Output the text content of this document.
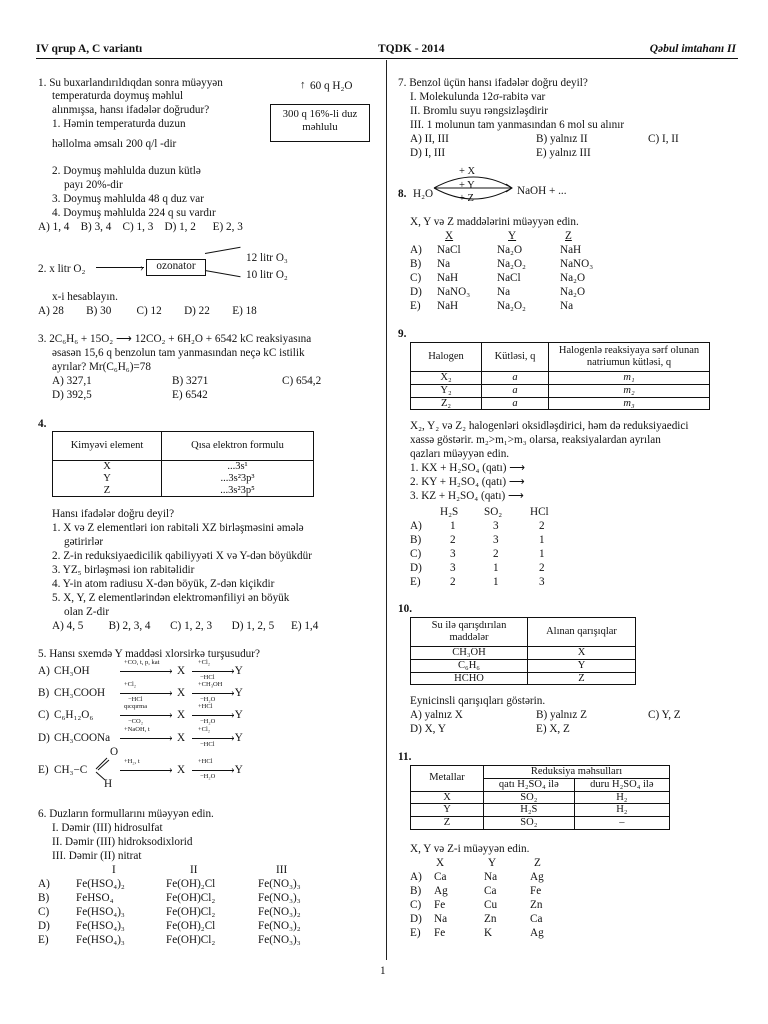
IV qrup A, C variantı	TQDK - 2014	Qəbul imtahanı II
1. Su buxarlandırıldıqdan sonra müəyyən
temperaturda doymuş məhlul
alınmışsa, hansı ifadələr doğrudur?
1. Həmin temperaturda duzun
həllolma əmsalı 200 q/l -dir
2. Doymuş məhlulda duzun kütlə
payı 20%-dir
3. Doymuş məhlulda 48 q duz var
4. Doymuş məhlulda 224 q su vardır
↑ 60 q H₂O
300 q 16%-li duz məhlulu
A) 1, 4 B) 3, 4 C) 1, 3 D) 1, 2 E) 2, 3
2. x litr O₂	›	ozonator
12 litr O₃
10 litr O₂
x-i hesablayın.
A) 28 B) 30 C) 12 D) 22 E) 18
3. 2C₆H₆ + 15O₂ ⟶ 12CO₂ + 6H₂O + 6542 kC reaksiyasına
əsasən 15,6 q benzolun tam yanmasından neçə kC istilik
ayrılar? Mr(C₆H₆)=78
A) 327,1	B) 3271	C) 654,2
D) 392,5	E) 6542
4.
Kimyəvi element	Qısa elektron formulu
X	...3s¹
Y	...3s²3p³
Z	...3s²3p⁵
Hansı ifadələr doğru deyil?
1. X və Z elementləri ion rabitəli XZ birləşməsini əmələ
gətirirlər
2. Z-in reduksiyaedicilik qabiliyyəti X və Y-dən böyükdür
3. YZ₅ birləşməsi ion rabitəlidir
4. Y-in atom radiusu X-dən böyük, Z-dən kiçikdir
5. X, Y, Z elementlərindən elektromənfiliyi ən böyük
olan Z-dir
A) 4, 5 B) 2, 3, 4 C) 1, 2, 3 D) 1, 2, 5 E) 1,4
5. Hansı sxemdə Y maddəsi xlorsirkə turşusudur?
A) CH₃OH
+CO, t, p, kat
› X
+Cl₂
−HCl
›Y
B) CH₃COOH
+Cl₂
−HCl
› X
+CH₃OH
−H₂O
›Y
C) C₆H₁₂O₆
qıcqırma
−CO₂
› X
+HCl
−H₂O
›Y
D) CH₃COONa
+NaOH, t
› X
+Cl₂
−HCl
›Y
E) CH₃−C
+H₂, t
› X
+HCl
−H₂O
›Y
O
H
6. Duzların formullarını müəyyən edin.
I. Dəmir (III) hidrosulfat
II. Dəmir (III) hidroksodixlorid
III. Dəmir (II) nitrat
I	II	III
A) Fe(HSO₄)₂	Fe(OH)₂Cl	Fe(NO₃)₃
B) FeHSO₄	Fe(OH)Cl₂	Fe(NO₃)₃
C) Fe(HSO₄)₃	Fe(OH)Cl₂	Fe(NO₃)₂
D) Fe(HSO₄)₃	Fe(OH)₂Cl	Fe(NO₃)₂
E) Fe(HSO₄)₃	Fe(OH)Cl₂	Fe(NO₃)₃
7. Benzol üçün hansı ifadələr doğru deyil?
I. Molekulunda 12σ-rabitə var
II. Bromlu suyu rəngsizləşdirir
III. 1 molunun tam yanmasından 6 mol su alınır
A) II, III	B) yalnız II	C) I, II
D) I, III	E) yalnız III
8. H₂O
+ X
+ Y
+ Z
NaOH + ...
X, Y və Z maddələrini müəyyən edin.
X	Y	Z
A) NaCl	Na₂O	NaH
B) Na	Na₂O₂	NaNO₃
C) NaH	NaCl	Na₂O
D) NaNO₃ Na	Na₂O
E) NaH	Na₂O₂	Na
9.
Halogen	Kütləsi, q	Halogenlə reaksiyaya sərf olunan natriumun kütləsi, q
X₂	a	m₁
Y₂	a	m₂
Z₂	a	m₃
X₂, Y₂ və Z₂ halogenləri oksidləşdirici, həm də reduksiyaedici
xassə göstərir. m₂>m₁>m₃ olarsa, reaksiyalardan ayrılan
qazları müəyyən edin.
1. KX + H₂SO₄ (qatı) ⟶
2. KY + H₂SO₄ (qatı) ⟶
3. KZ + H₂SO₄ (qatı) ⟶
H₂S SO₂ HCl
A)	1	3	2
B)	2	3	1
C)	3	2	1
D)	3	1	2
E)	2	1	3
10.
Su ilə qarışdırılan maddələr	Alınan qarışıqlar
CH₃OH	X
C₆H₆	Y
HCHO	Z
Eynicinsli qarışıqları göstərin.
A) yalnız X	B) yalnız Z	C) Y, Z
D) X, Y	E) X, Z
11.
Metallar	Reduksiya məhsulları	
	qatı H₂SO₄ ilə	duru H₂SO₄ ilə
X	SO₂	H₂
Y	H₂S	H₂
Z	SO₂	–
X, Y və Z-i müəyyən edin.
X	Y	Z
A) Ca	Na	Ag
B) Ag	Ca	Fe
C) Fe	Cu	Zn
D) Na	Zn	Ca
E) Fe	K	Ag
1
